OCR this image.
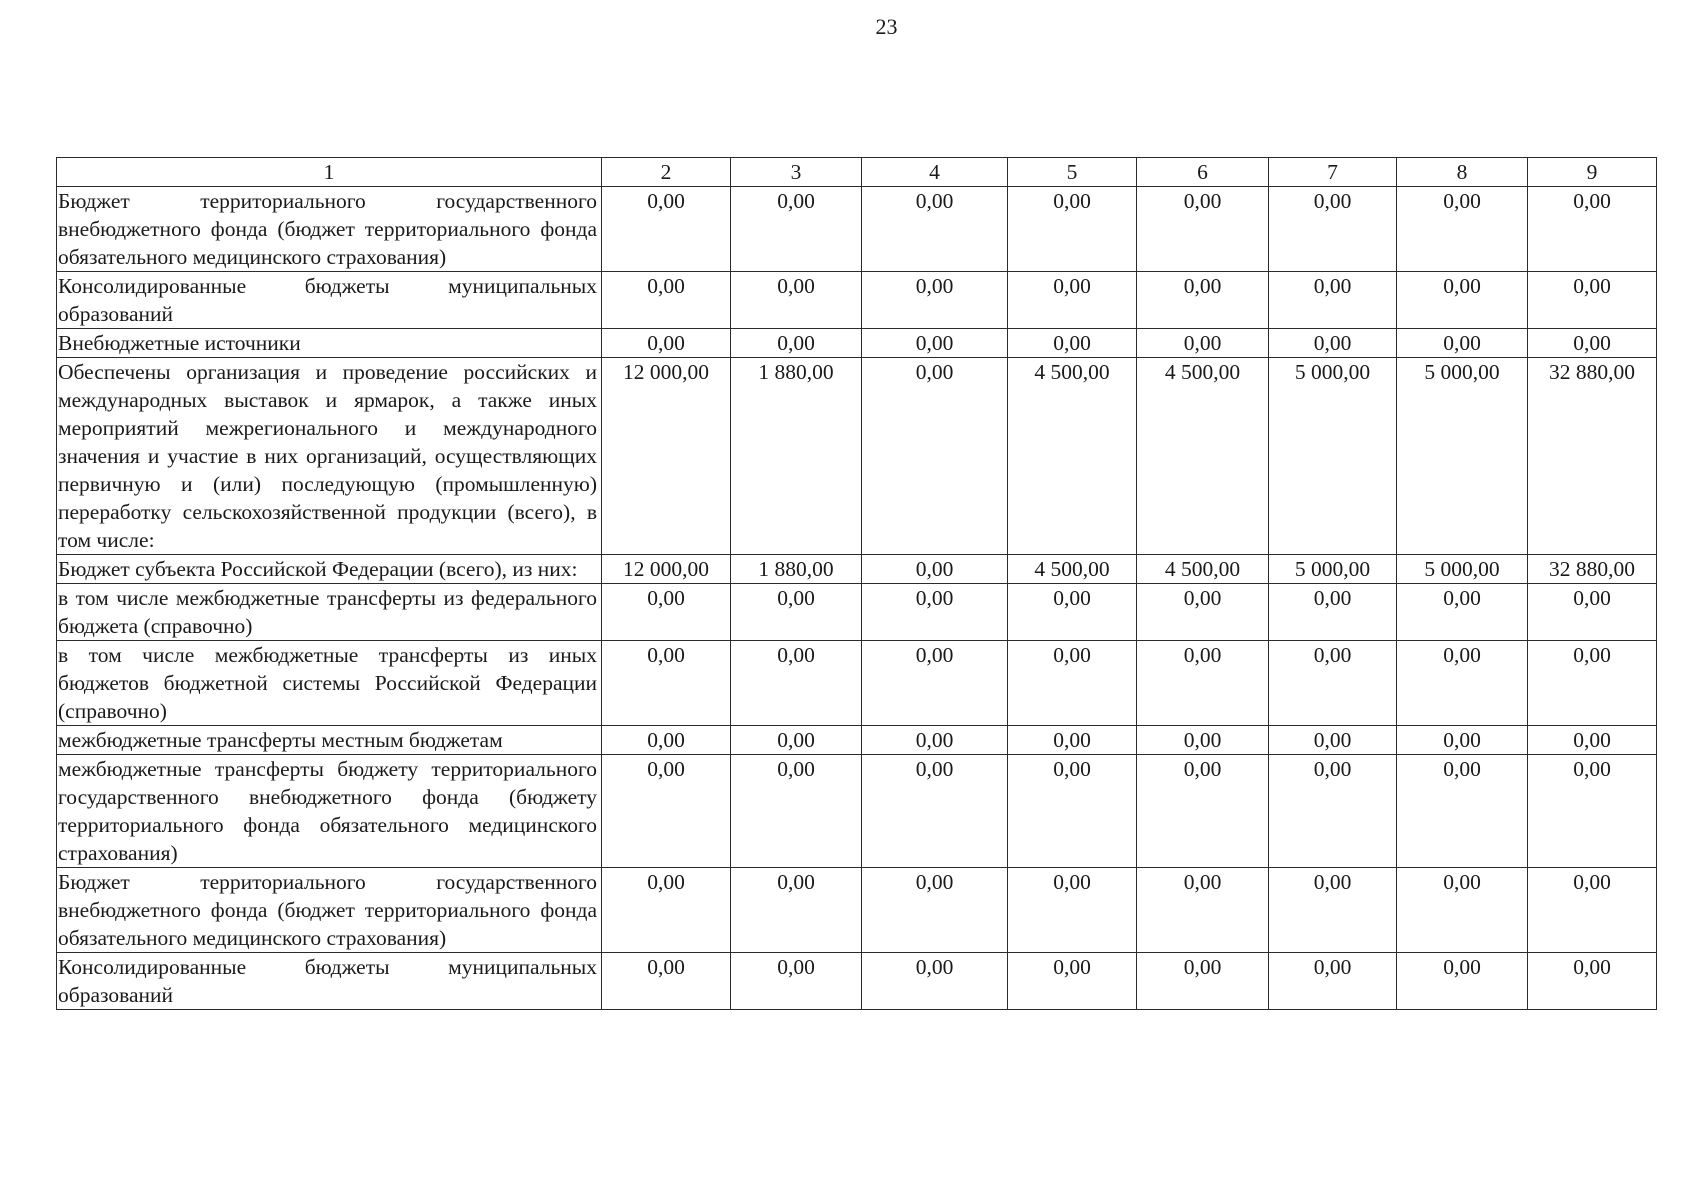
23
1	2	3	4	5	6	7	8	9
Бюджет территориального государственного внебюджетного фонда (бюджет территориального фонда обязательного медицинского страхования)	0,00	0,00	0,00	0,00	0,00	0,00	0,00	0,00
Консолидированные бюджеты муниципальных образований	0,00	0,00	0,00	0,00	0,00	0,00	0,00	0,00
Внебюджетные источники	0,00	0,00	0,00	0,00	0,00	0,00	0,00	0,00
Обеспечены организация и проведение российских и международных выставок и ярмарок, а также иных мероприятий межрегионального и международного значения и участие в них организаций, осуществляющих первичную и (или) последующую (промышленную) переработку сельскохозяйственной продукции (всего), в том числе:	12 000,00	1 880,00	0,00	4 500,00	4 500,00	5 000,00	5 000,00	32 880,00
Бюджет субъекта Российской Федерации (всего), из них:	12 000,00	1 880,00	0,00	4 500,00	4 500,00	5 000,00	5 000,00	32 880,00
в том числе межбюджетные трансферты из федерального бюджета (справочно)	0,00	0,00	0,00	0,00	0,00	0,00	0,00	0,00
в том числе межбюджетные трансферты из иных бюджетов бюджетной системы Российской Федерации (справочно)	0,00	0,00	0,00	0,00	0,00	0,00	0,00	0,00
межбюджетные трансферты местным бюджетам	0,00	0,00	0,00	0,00	0,00	0,00	0,00	0,00
межбюджетные трансферты бюджету территориального государственного внебюджетного фонда (бюджету территориального фонда обязательного медицинского страхования)	0,00	0,00	0,00	0,00	0,00	0,00	0,00	0,00
Бюджет территориального государственного внебюджетного фонда (бюджет территориального фонда обязательного медицинского страхования)	0,00	0,00	0,00	0,00	0,00	0,00	0,00	0,00
Консолидированные бюджеты муниципальных образований	0,00	0,00	0,00	0,00	0,00	0,00	0,00	0,00
